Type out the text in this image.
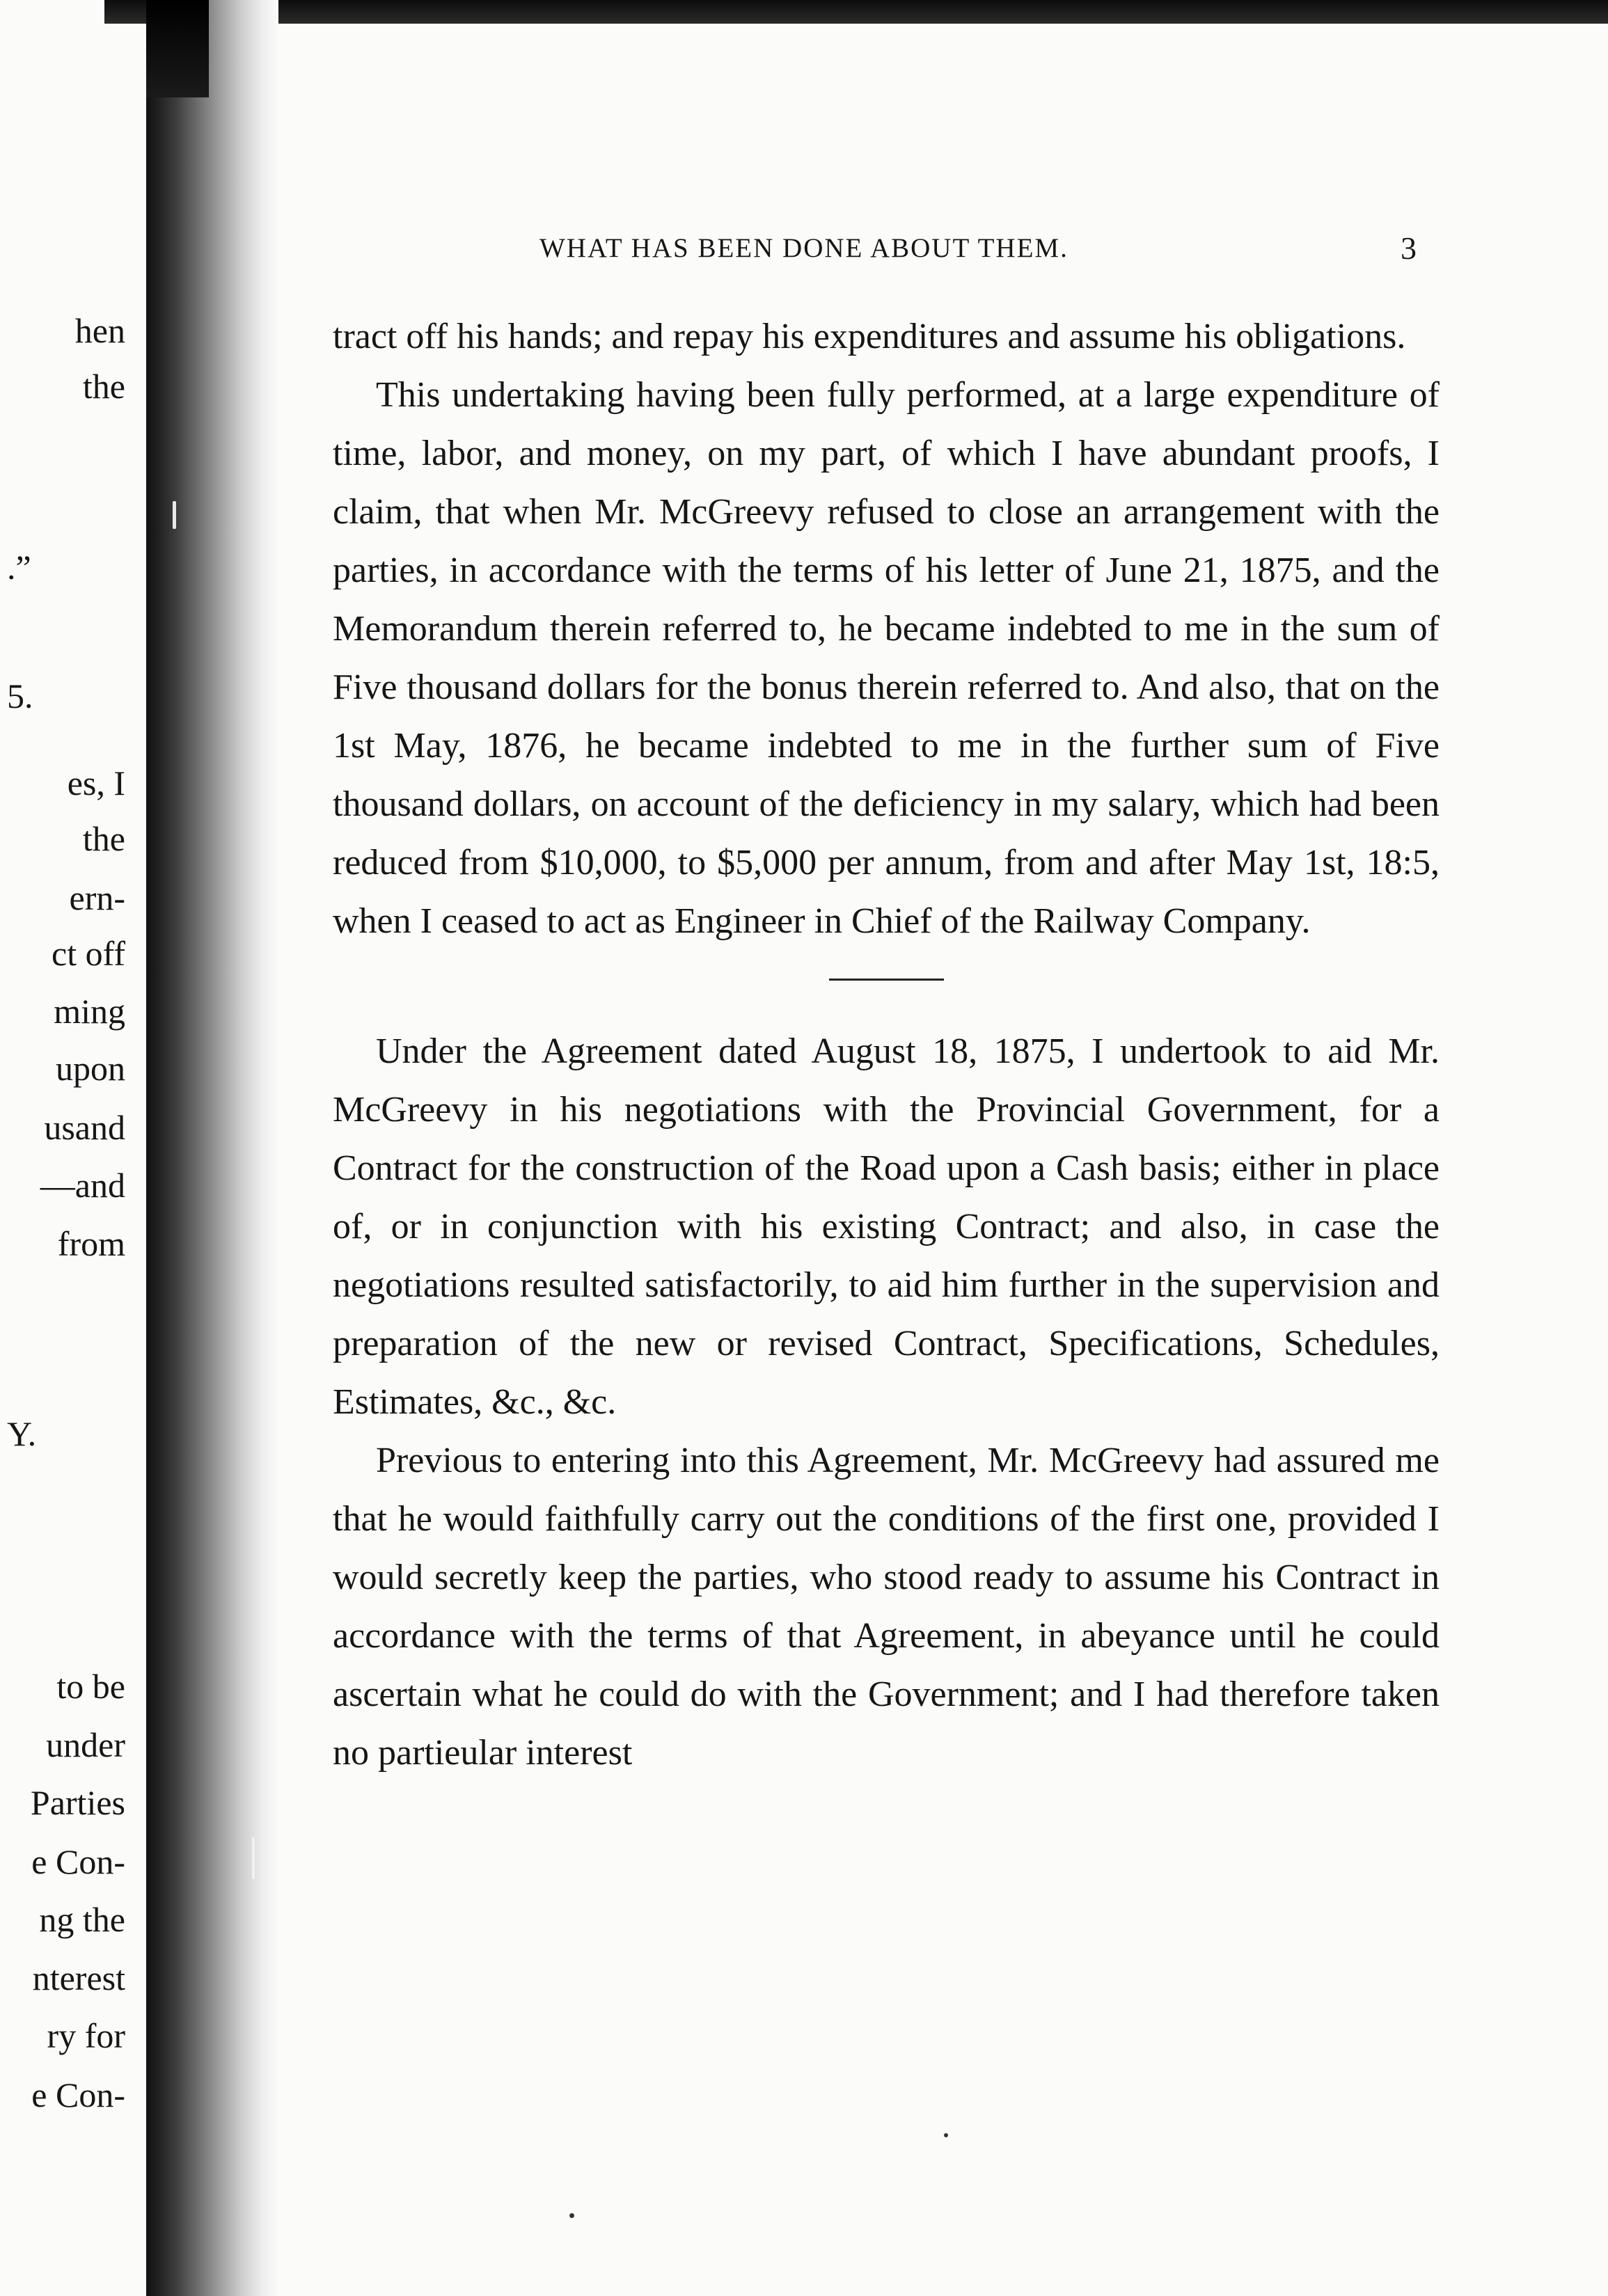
hen
the
.”
5.
es, I
the
ern-
ct off
ming
upon
usand
—and
from
Y.
to be
under
Parties
e Con-
ng the
nterest
ry for
e Con-
WHAT HAS BEEN DONE ABOUT THEM.	3

tract off his hands; and repay his expenditures and assume his obligations.

This undertaking having been fully performed, at a large expenditure of time, labor, and money, on my part, of which I have abundant proofs, I claim, that when Mr. McGreevy refused to close an arrangement with the parties, in accordance with the terms of his letter of June 21, 1875, and the Memorandum therein referred to, he became indebted to me in the sum of Five thousand dollars for the bonus therein referred to. And also, that on the 1st May, 1876, he became indebted to me in the further sum of Five thousand dollars, on account of the deficiency in my salary, which had been reduced from $10,000, to $5,000 per annum, from and after May 1st, 18:5, when I ceased to act as Engineer in Chief of the Railway Company.

Under the Agreement dated August 18, 1875, I undertook to aid Mr. McGreevy in his negotiations with the Provincial Government, for a Contract for the construction of the Road upon a Cash basis; either in place of, or in conjunction with his existing Contract; and also, in case the negotiations resulted satisfactorily, to aid him further in the supervision and preparation of the new or revised Contract, Specifications, Schedules, Estimates, &c., &c.

Previous to entering into this Agreement, Mr. McGreevy had assured me that he would faithfully carry out the conditions of the first one, provided I would secretly keep the parties, who stood ready to assume his Contract in accordance with the terms of that Agreement, in abeyance until he could ascertain what he could do with the Government; and I had therefore taken no partieular interest
